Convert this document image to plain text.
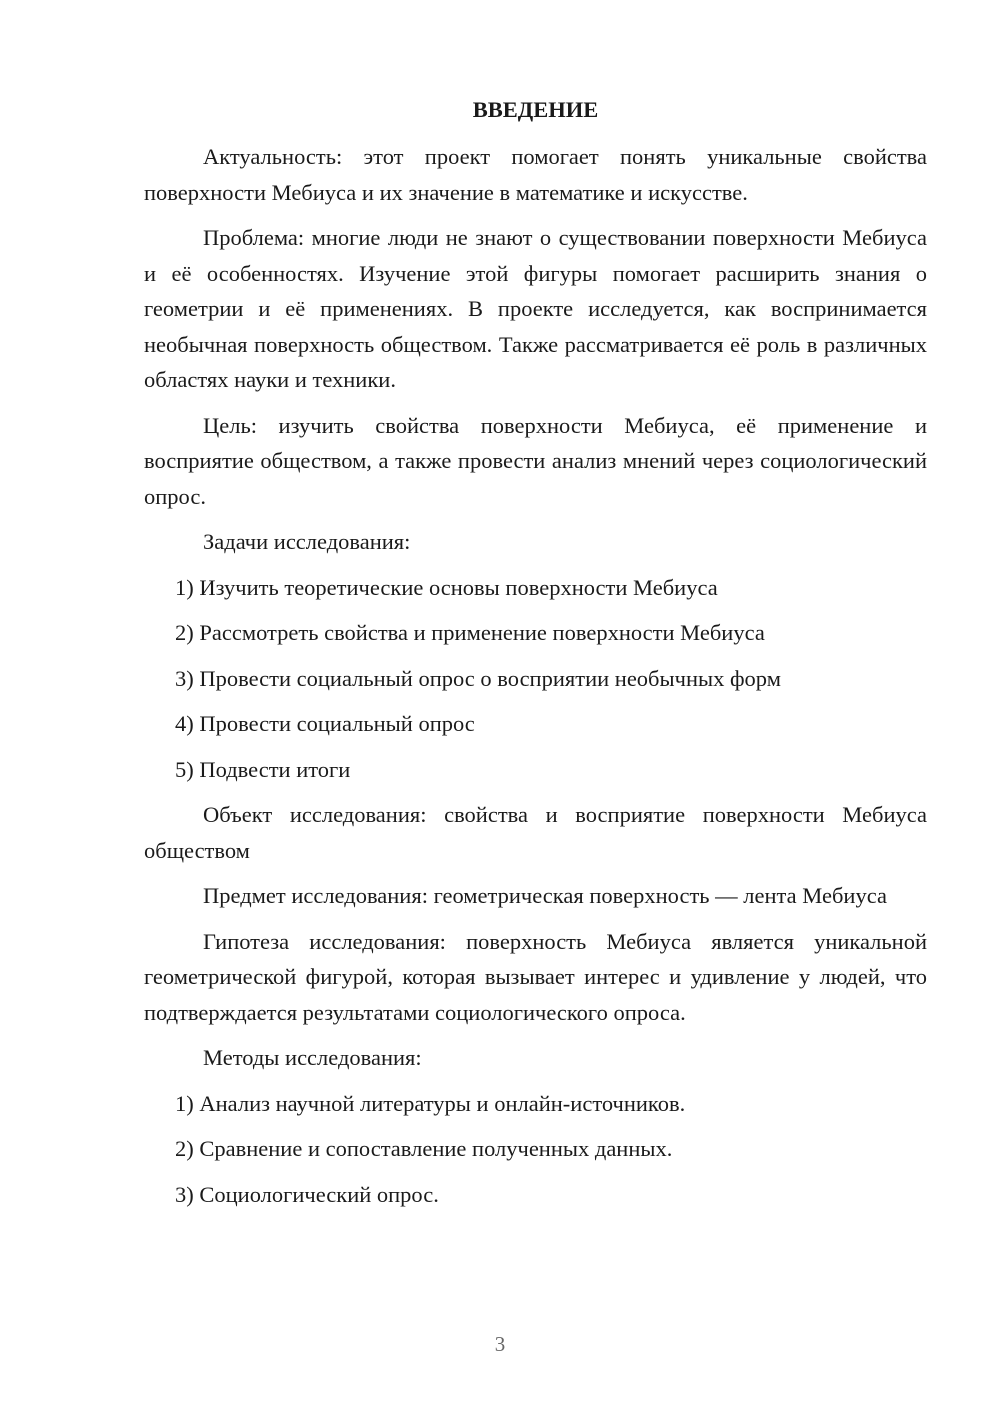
ВВЕДЕНИЕ

Актуальность: этот проект помогает понять уникальные свойства поверхности Мебиуса и их значение в математике и искусстве.

Проблема: многие люди не знают о существовании поверхности Мебиуса и её особенностях. Изучение этой фигуры помогает расширить знания о геометрии и её применениях. В проекте исследуется, как воспринимается необычная поверхность обществом. Также рассматривается её роль в различных областях науки и техники.

Цель: изучить свойства поверхности Мебиуса, её применение и восприятие обществом, а также провести анализ мнений через социологический опрос.

Задачи исследования:

1) Изучить теоретические основы поверхности Мебиуса

2) Рассмотреть свойства и применение поверхности Мебиуса

3) Провести социальный опрос о восприятии необычных форм

4) Провести социальный опрос

5) Подвести итоги

Объект исследования: свойства и восприятие поверхности Мебиуса обществом

Предмет исследования: геометрическая поверхность — лента Мебиуса

Гипотеза исследования: поверхность Мебиуса является уникальной геометрической фигурой, которая вызывает интерес и удивление у людей, что подтверждается результатами социологического опроса.

Методы исследования:

1) Анализ научной литературы и онлайн-источников.

2) Сравнение и сопоставление полученных данных.

3) Социологический опрос.

3
